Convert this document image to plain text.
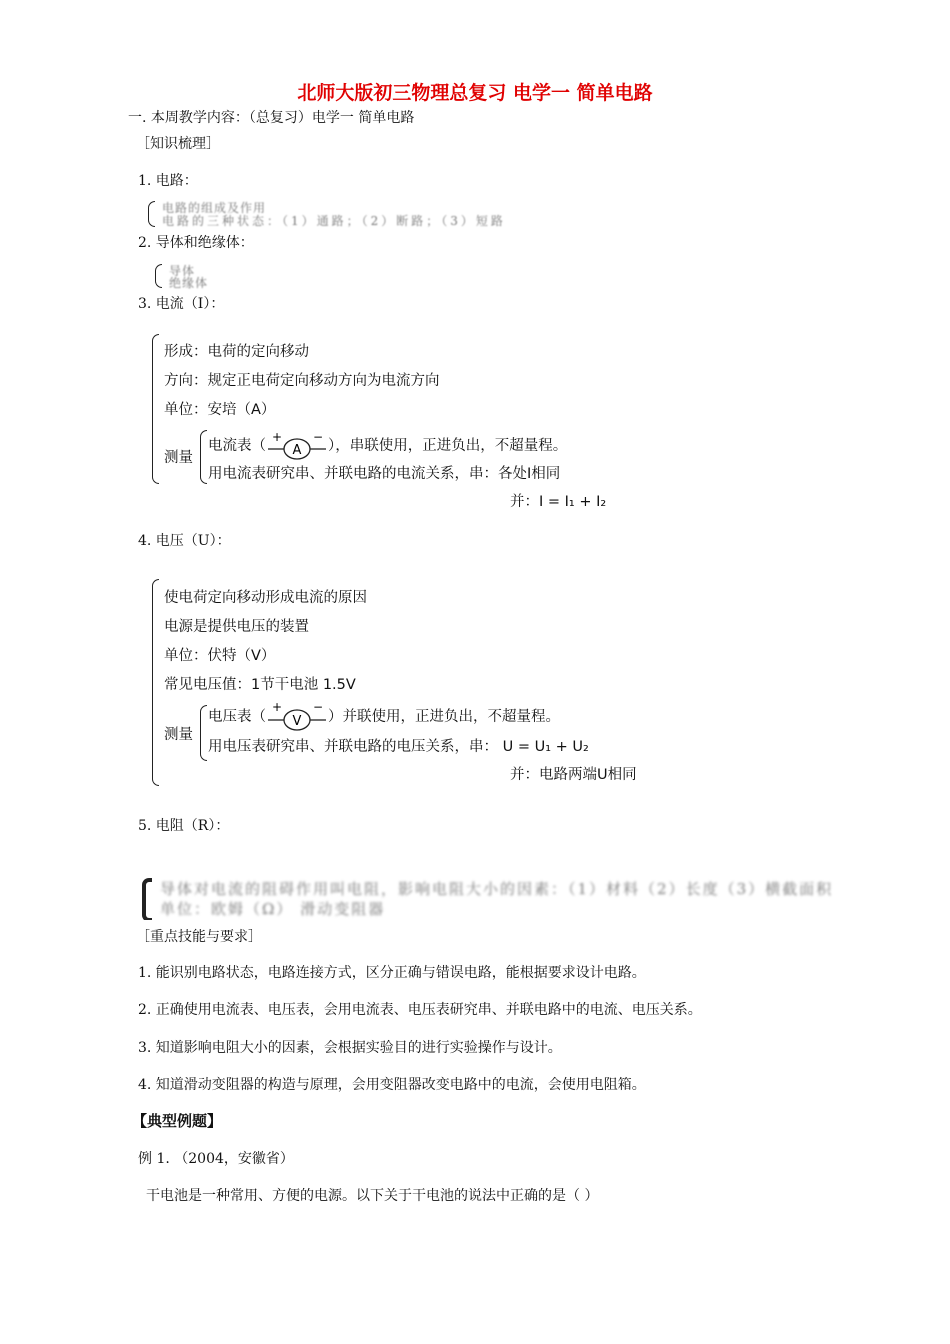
北师大版初三物理总复习 电学一 简单电路
一. 本周教学内容：（总复习）电学一 简单电路
［知识梳理］
1. 电路：
电路的组成及作用
电路的三种状态：（1）通路；（2）断路；（3）短路
2. 导体和绝缘体：
导体
绝缘体
3. 电流（I）：
形成：电荷的定向移动
方向：规定正电荷定向移动方向为电流方向
单位：安培（A）
测量
电流表（ A
+	−
），串联使用，正进负出，不超量程。
用电流表研究串、并联电路的电流关系，串：各处I相同
并：I = I₁ + I₂
4. 电压（U）：
使电荷定向移动形成电流的原因
电源是提供电压的装置
单位：伏特（V）
常见电压值：1节干电池 1.5V
测量
电压表（ V
+	−
）并联使用，正进负出，不超量程。
用电压表研究串、并联电路的电压关系，串： U = U₁ + U₂
并：电路两端U相同
5. 电阻（R）：
导体对电流的阻碍作用叫电阻，影响电阻大小的因素：（1）材料（2）长度（3）横截面积
单位：欧姆（Ω） 滑动变阻器
［重点技能与要求］
1. 能识别电路状态，电路连接方式，区分正确与错误电路，能根据要求设计电路。
2. 正确使用电流表、电压表，会用电流表、电压表研究串、并联电路中的电流、电压关系。
3. 知道影响电阻大小的因素，会根据实验目的进行实验操作与设计。
4. 知道滑动变阻器的构造与原理，会用变阻器改变电路中的电流，会使用电阻箱。
【典型例题】
例 1. （2004，安徽省）
干电池是一种常用、方便的电源。以下关于干电池的说法中正确的是（ ）
